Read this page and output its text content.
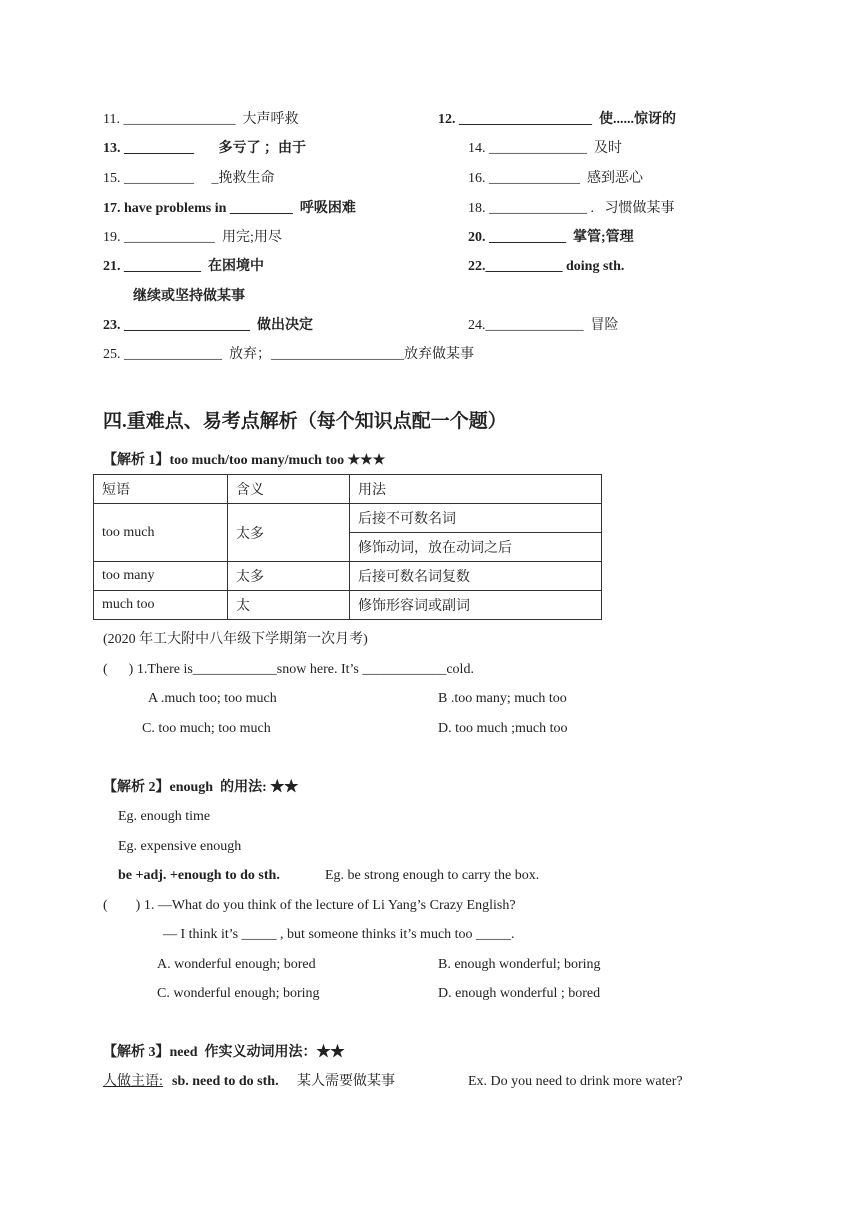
11. ________________  大声呼救	12. ___________________  使......惊讶的
13. __________       多亏了 ；由于	14. ______________  及时
15. __________     _挽救生命	16. _____________  感到恶心
17. have problems in _________  呼吸困难	18. ______________ .   习惯做某事
19. _____________  用完;用尽	20. ___________  掌管;管理
21. ___________  在困境中	22.___________ doing sth.
继续或坚持做某事
23. __________________  做出决定	24.______________  冒险
25. ______________  放弃；___________________放弃做某事
四.重难点、易考点解析（每个知识点配一个题）
【解析 1】too much/too many/much too ★★★
短语	含义	用法
too much	太多	后接不可数名词
		修饰动词，放在动词之后
too many	太多	后接可数名词复数
much too	太	修饰形容词或副词
(2020 年工大附中八年级下学期第一次月考)
(      ) 1.There is____________snow here. It’s ____________cold.
A .much too; too much	B .too many; much too
C. too much; too much	D. too much ;much too
【解析 2】enough  的用法: ★★
Eg. enough time
Eg. expensive enough
be +adj. +enough to do sth.	Eg. be strong enough to carry the box.
(        ) 1. —What do you think of the lecture of Li Yang’s Crazy English?
— I think it’s _____ , but someone thinks it’s much too _____.
A. wonderful enough; bored	B. enough wonderful; boring
C. wonderful enough; boring	D. enough wonderful ; bored
【解析 3】need  作实义动词用法：★★
人做主语: sb. need to do sth. 某人需要做某事	Ex. Do you need to drink more water?
